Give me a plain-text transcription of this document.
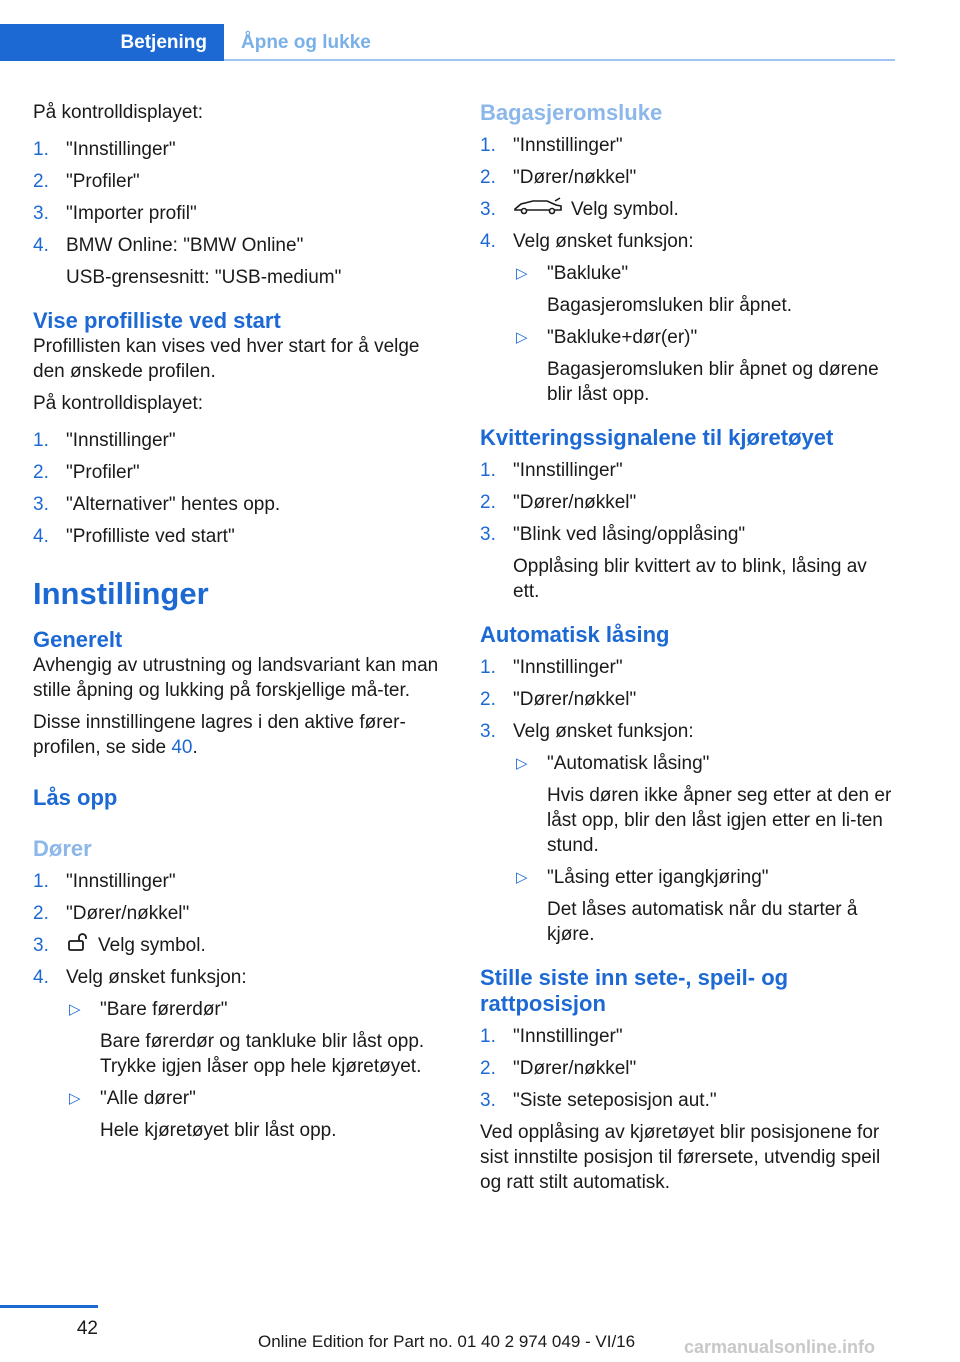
Betjening Åpne og lukke

På kontrolldisplayet:

1. "Innstillinger"
2. "Profiler"
3. "Importer profil"
4. BMW Online: "BMW Online"
USB-grensesnitt: "USB-medium"
Vise profilliste ved start

Profillisten kan vises ved hver start for å velge den ønskede profilen.

På kontrolldisplayet:

1. "Innstillinger"
2. "Profiler"
3. "Alternativer" hentes opp.
4. "Profilliste ved start"
Innstillinger
Generelt

Avhengig av utrustning og landsvariant kan man stille åpning og lukking på forskjellige må-ter.

Disse innstillingene lagres i den aktive fører-profilen, se side 40.

Lås opp
Dører
1. "Innstillinger"
2. "Dører/nøkkel"
3.	Velg symbol.
4. Velg ønsket funksjon:
▷ "Bare førerdør"
Bare førerdør og tankluke blir låst opp. Trykke igjen låser opp hele kjøretøyet.
▷ "Alle dører"
Hele kjøretøyet blir låst opp.
Bagasjeromsluke
1. "Innstillinger"
2. "Dører/nøkkel"
3.	Velg symbol.
4. Velg ønsket funksjon:
▷ "Bakluke"
Bagasjeromsluken blir åpnet.
▷ "Bakluke+dør(er)"
Bagasjeromsluken blir åpnet og dørene blir låst opp.
Kvitteringssignalene til kjøretøyet
1. "Innstillinger"
2. "Dører/nøkkel"
3. "Blink ved låsing/opplåsing"
Opplåsing blir kvittert av to blink, låsing av ett.
Automatisk låsing
1. "Innstillinger"
2. "Dører/nøkkel"
3. Velg ønsket funksjon:
▷ "Automatisk låsing"
Hvis døren ikke åpner seg etter at den er låst opp, blir den låst igjen etter en li-ten stund.
▷ "Låsing etter igangkjøring"
Det låses automatisk når du starter å kjøre.
Stille siste inn sete-, speil- og rattposisjon
1. "Innstillinger"
2. "Dører/nøkkel"
3. "Siste seteposisjon aut."

Ved opplåsing av kjøretøyet blir posisjonene for sist innstilte posisjon til førersete, utvendig speil og ratt stilt automatisk.

42
Online Edition for Part no. 01 40 2 974 049 - VI/16	carmanualsonline.info
